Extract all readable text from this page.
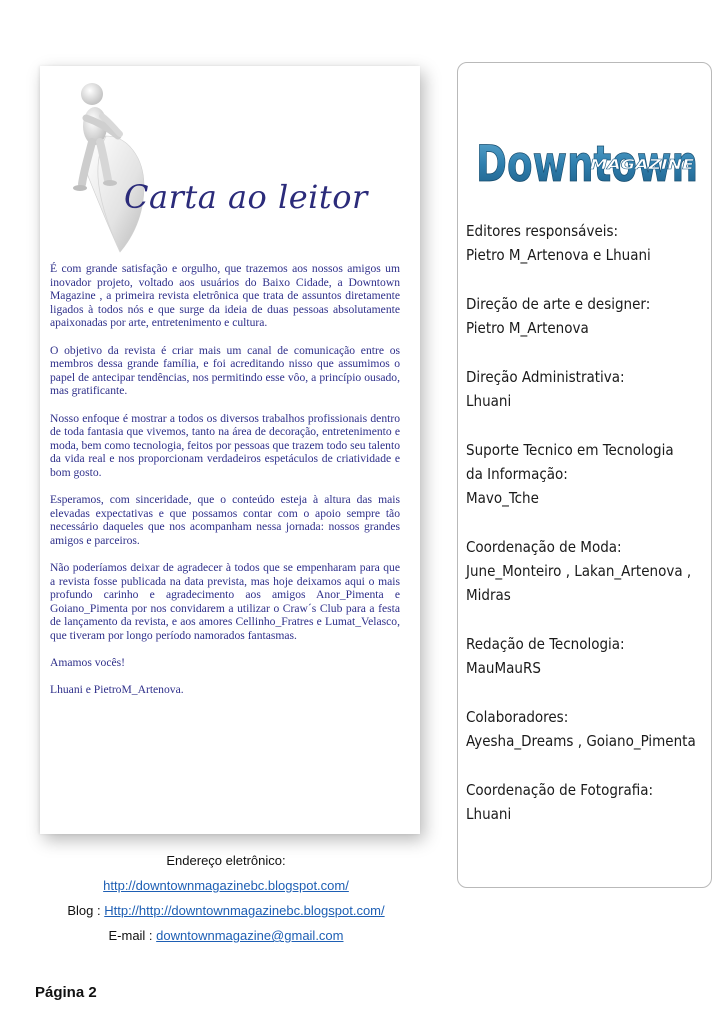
Carta ao leitor

É com grande satisfação e orgulho, que trazemos aos nossos amigos um inovador projeto, voltado aos usuários do Baixo Cidade, a Downtown Magazine , a primeira revista eletrônica que trata de assuntos diretamente ligados à todos nós e que surge da ideia de duas pessoas absolutamente apaixonadas por arte, entretenimento e cultura.

O objetivo da revista é criar mais um canal de comunicação entre os membros dessa grande família, e foi acreditando nisso que assumimos o papel de antecipar tendências, nos permitindo esse vôo, a princípio ousado, mas gratificante.

Nosso enfoque é mostrar a todos os diversos trabalhos profissionais dentro de toda fantasia que vivemos, tanto na área de decoração, entretenimento e moda, bem como tecnologia, feitos por pessoas que trazem todo seu talento da vida real e nos proporcionam verdadeiros espetáculos de criatividade e bom gosto.

Esperamos, com sinceridade, que o conteúdo esteja à altura das mais elevadas expectativas e que possamos contar com o apoio sempre tão necessário daqueles que nos acompanham nessa jornada: nossos grandes amigos e parceiros.

Não poderíamos deixar de agradecer à todos que se empenharam para que a revista fosse publicada na data prevista, mas hoje deixamos aqui o mais profundo carinho e agradecimento aos amigos Anor_Pimenta e Goiano_Pimenta por nos convidarem a utilizar o Craw´s Club para a festa de lançamento da revista, e aos amores Cellinho_Fratres e Lumat_Velasco, que tiveram por longo período namorados fantasmas.

Amamos vocês!

Lhuani e PietroM_Artenova.

Endereço eletrônico:
http://downtownmagazinebc.blogspot.com/
Blog : Http://http://downtownmagazinebc.blogspot.com/
E-mail : downtownmagazine@gmail.com
Página 2
Downtown
MAGAZINE
Editores responsáveis:
Pietro M_Artenova e Lhuani
Direção de arte e designer:
Pietro M_Artenova
Direção Administrativa:
Lhuani
Suporte Tecnico em Tecnologia
da Informação:
Mavo_Tche
Coordenação de Moda:
June_Monteiro , Lakan_Artenova ,
Midras
Redação de Tecnologia:
MauMauRS
Colaboradores:
Ayesha_Dreams , Goiano_Pimenta
Coordenação de Fotografia:
Lhuani
